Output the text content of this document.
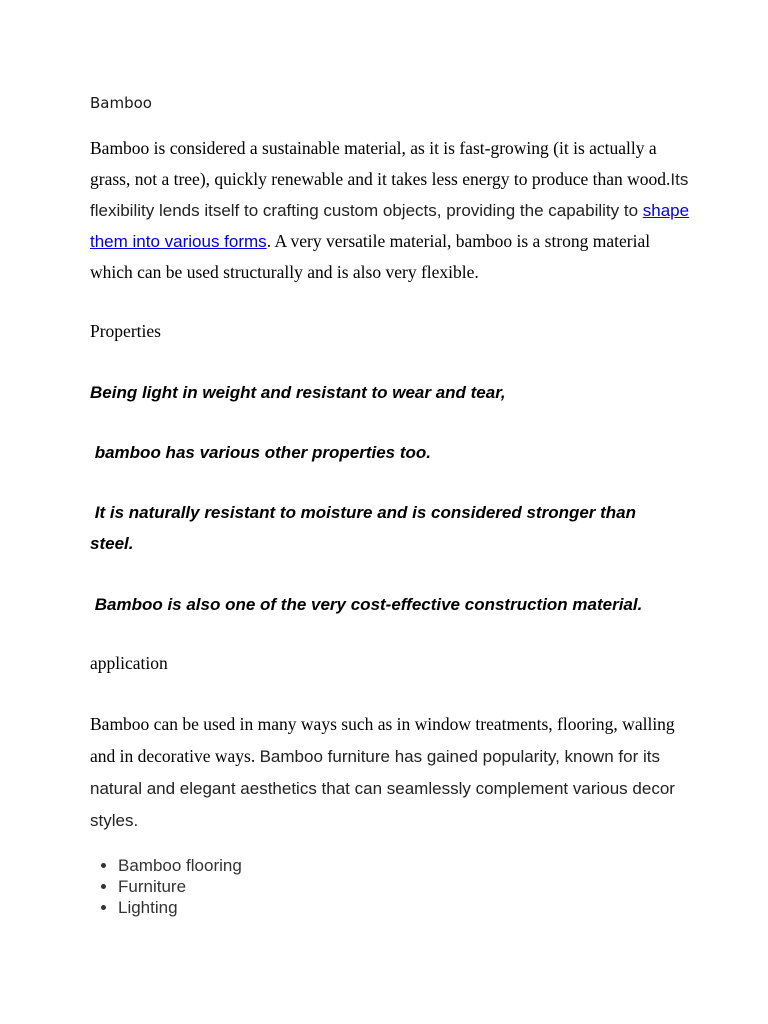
Bamboo
Bamboo is considered a sustainable material, as it is fast-growing (it is actually a grass, not a tree), quickly renewable and it takes less energy to produce than wood.Its flexibility lends itself to crafting custom objects, providing the capability to shape them into various forms. A very versatile material, bamboo is a strong material which can be used structurally and is also very flexible.
Properties
Being light in weight and resistant to wear and tear,
bamboo has various other properties too.
It is naturally resistant to moisture and is considered stronger than steel.
Bamboo is also one of the very cost-effective construction material.
application
Bamboo can be used in many ways such as in window treatments, flooring, walling and in decorative ways. Bamboo furniture has gained popularity, known for its natural and elegant aesthetics that can seamlessly complement various decor styles.
• Bamboo flooring
• Furniture
• Lighting
